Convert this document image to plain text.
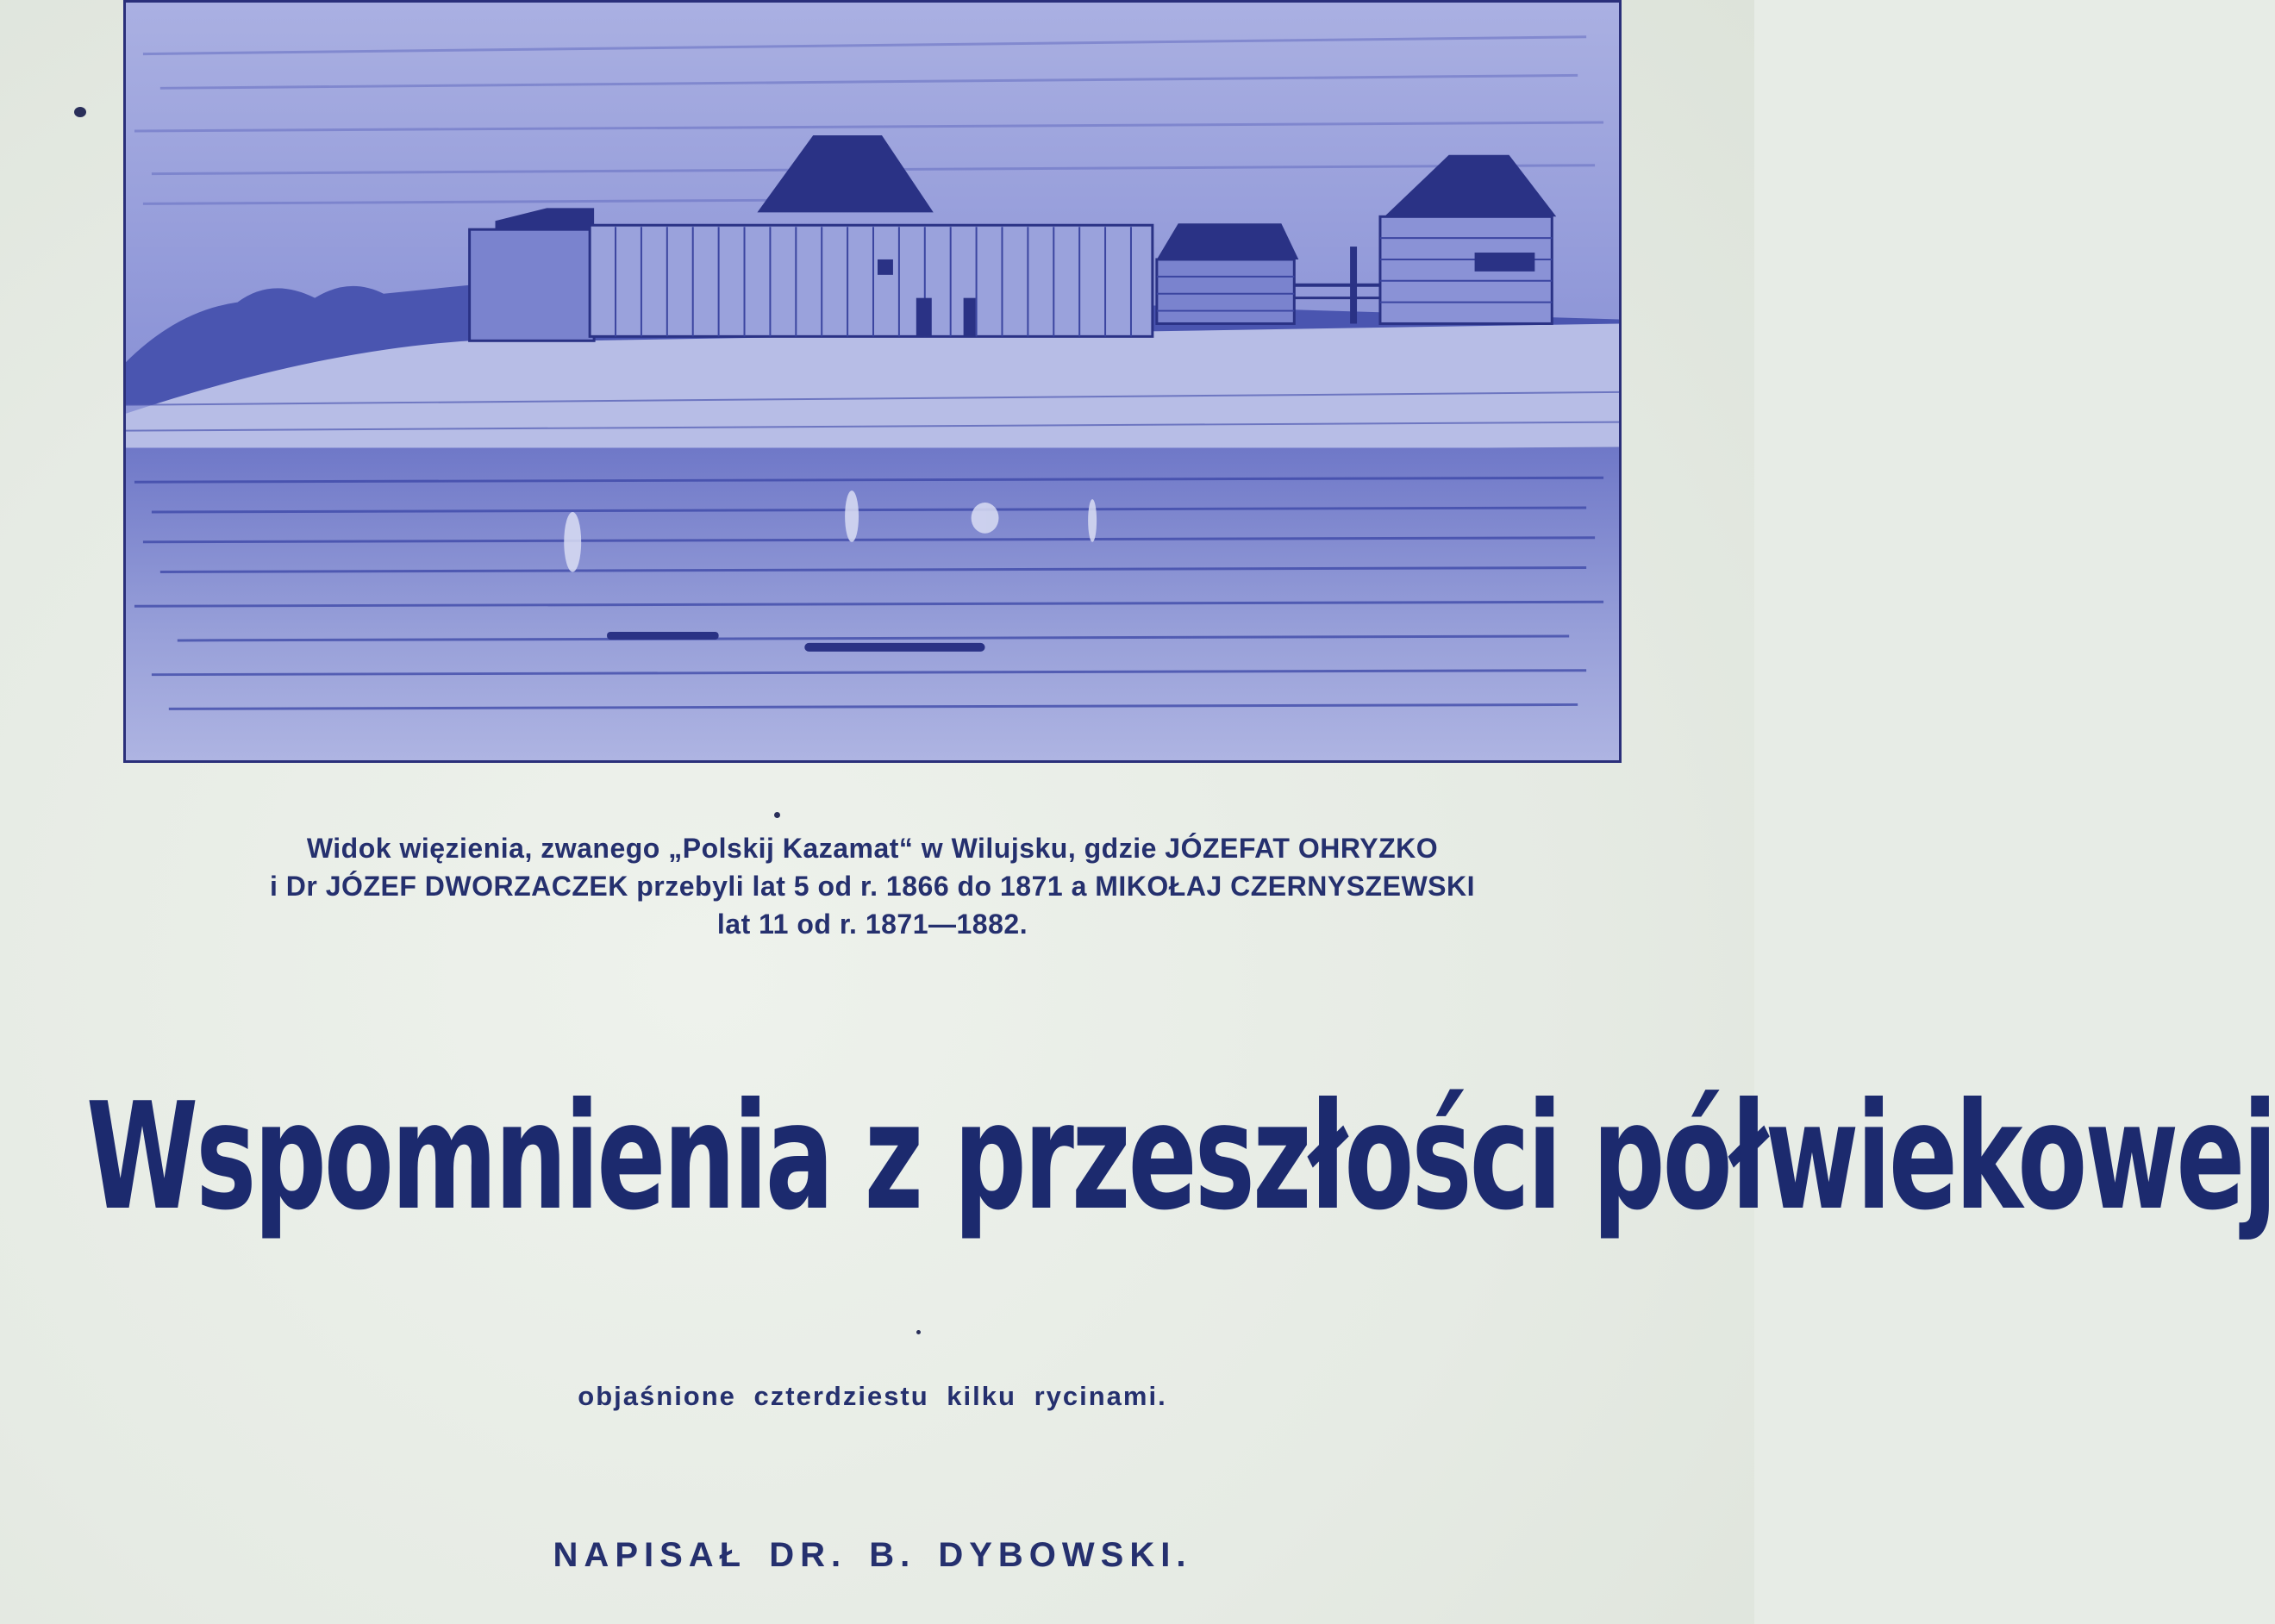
Widok więzienia, zwanego „Polskij Kazamat“ w Wilujsku, gdzie JÓZEFAT OHRYZKO
i Dr JÓZEF DWORZACZEK przebyli lat 5 od r. 1866 do 1871 a MIKOŁAJ CZERNYSZEWSKI
lat 11 od r. 1871—1882.
Wspomnienia z przeszłości półwiekowej
objaśnione czterdziestu kilku rycinami.
NAPISAŁ DR. B. DYBOWSKI.
